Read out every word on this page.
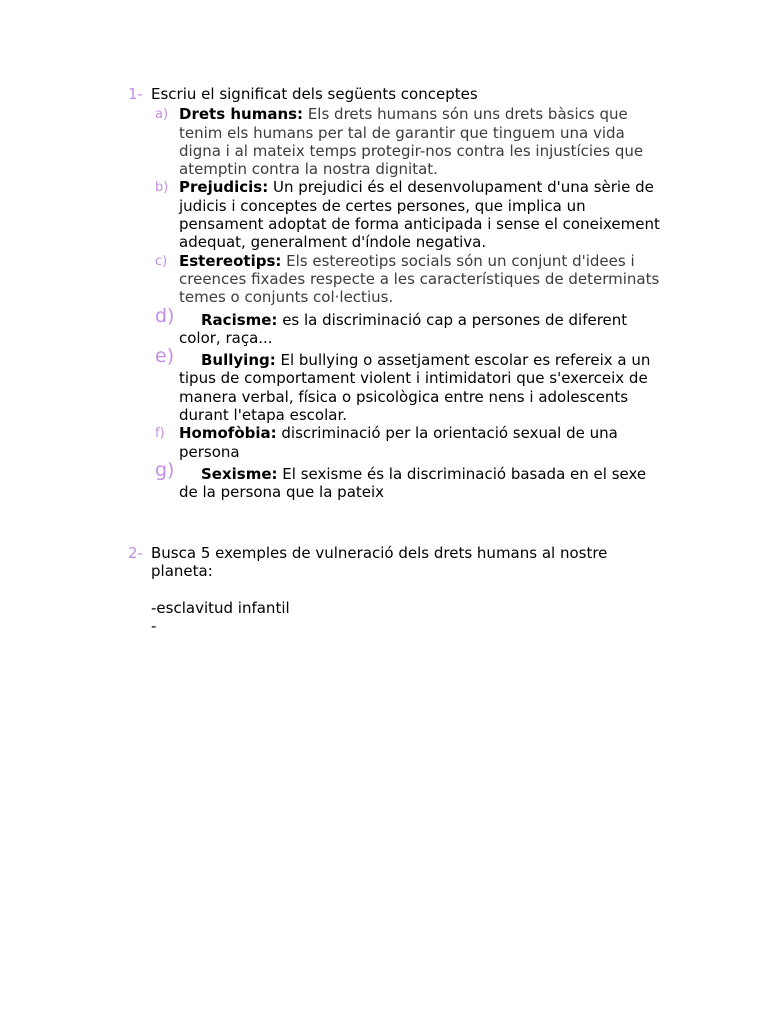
1- Escriu el significat dels següents conceptes
a) Drets humans: Els drets humans són uns drets bàsics que tenim els humans per tal de garantir que tinguem una vida digna i al mateix temps protegir-nos contra les injustícies que atemptin contra la nostra dignitat.
b) Prejudicis: Un prejudici és el desenvolupament d'una sèrie de judicis i conceptes de certes persones, que implica un pensament adoptat de forma anticipada i sense el coneixement adequat, generalment d'índole negativa.
c) Estereotips: Els estereotips socials són un conjunt d'idees i creences fixades respecte a les característiques de determinats temes o conjunts col·lectius.
d) Racisme: es la discriminació cap a persones de diferent color, raça...
e) Bullying: El bullying o assetjament escolar es refereix a un tipus de comportament violent i intimidatori que s'exerceix de manera verbal, física o psicològica entre nens i adolescents durant l'etapa escolar.
f) Homofòbia: discriminació per la orientació sexual de una persona
g) Sexisme: El sexisme és la discriminació basada en el sexe de la persona que la pateix
2- Busca 5 exemples de vulneració dels drets humans al nostre planeta:
-esclavitud infantil
-
